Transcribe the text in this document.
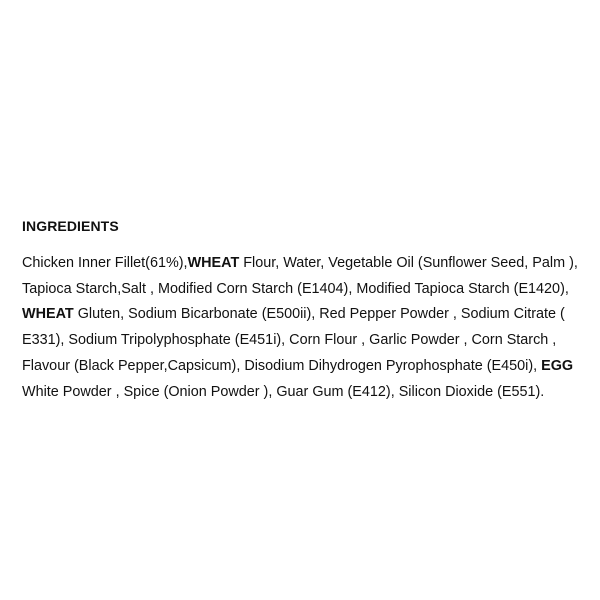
INGREDIENTS

Chicken Inner Fillet(61%),WHEAT Flour, Water, Vegetable Oil (Sunflower Seed, Palm ), Tapioca Starch,Salt , Modified Corn Starch (E1404), Modified Tapioca Starch (E1420), WHEAT Gluten, Sodium Bicarbonate (E500ii), Red Pepper Powder , Sodium Citrate ( E331), Sodium Tripolyphosphate (E451i), Corn Flour , Garlic Powder , Corn Starch , Flavour (Black Pepper,Capsicum), Disodium Dihydrogen Pyrophosphate (E450i), EGG White Powder , Spice (Onion Powder ), Guar Gum (E412), Silicon Dioxide (E551).
